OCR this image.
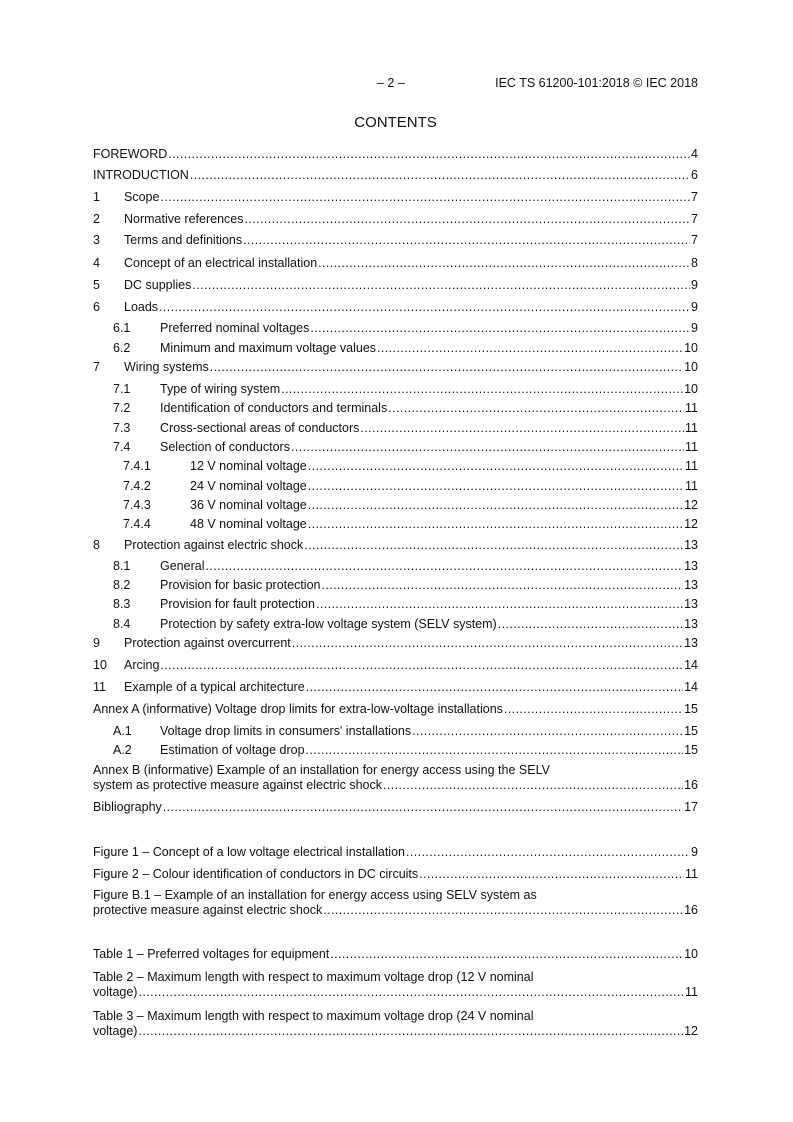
– 2 –	IEC TS 61200-101:2018 © IEC 2018
CONTENTS
FOREWORD .....	4
INTRODUCTION .....	6
1	Scope .....	7
2	Normative references .....	7
3	Terms and definitions .....	7
4	Concept of an electrical installation .....	8
5	DC supplies .....	9
6	Loads .....	9
6.1	Preferred nominal voltages .....	9
6.2	Minimum and maximum voltage values .....	10
7	Wiring systems .....	10
7.1	Type of wiring system .....	10
7.2	Identification of conductors and terminals .....	11
7.3	Cross-sectional areas of conductors .....	11
7.4	Selection of conductors .....	11
7.4.1	12 V nominal voltage .....	11
7.4.2	24 V nominal voltage .....	11
7.4.3	36 V nominal voltage .....	12
7.4.4	48 V nominal voltage .....	12
8	Protection against electric shock .....	13
8.1	General .....	13
8.2	Provision for basic protection .....	13
8.3	Provision for fault protection .....	13
8.4	Protection by safety extra-low voltage system (SELV system) .....	13
9	Protection against overcurrent .....	13
10	Arcing .....	14
11	Example of a typical architecture .....	14
Annex A (informative) Voltage drop limits for extra-low-voltage installations .....	15
A.1	Voltage drop limits in consumers' installations .....	15
A.2	Estimation of voltage drop .....	15
Annex B (informative) Example of an installation for energy access using the SELV
system as protective measure against electric shock .....	16
Bibliography .....	17
Figure 1 – Concept of a low voltage electrical installation .....	9
Figure 2 – Colour identification of conductors in DC circuits .....	11
Figure B.1 – Example of an installation for energy access using SELV system as
protective measure against electric shock .....	16
Table 1 – Preferred voltages for equipment .....	10
Table 2 – Maximum length with respect to maximum voltage drop (12 V nominal
voltage) .....	11
Table 3 – Maximum length with respect to maximum voltage drop (24 V nominal
voltage) .....	12
